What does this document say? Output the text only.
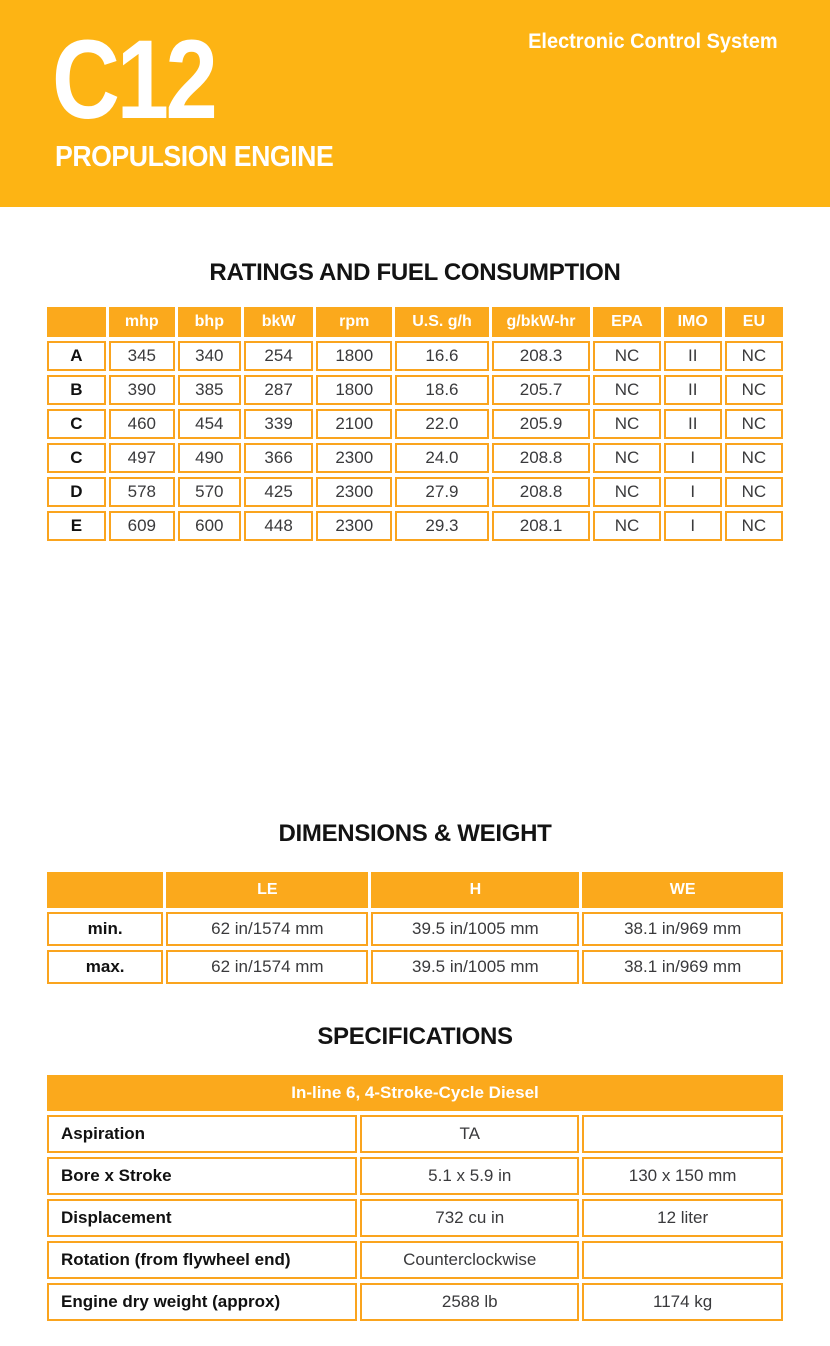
C12
PROPULSION ENGINE
Electronic Control System
RATINGS AND FUEL CONSUMPTION
	mhp	bhp	bkW	rpm	U.S. g/h	g/bkW-hr	EPA	IMO	EU
A	345	340	254	1800	16.6	208.3	NC	II	NC
B	390	385	287	1800	18.6	205.7	NC	II	NC
C	460	454	339	2100	22.0	205.9	NC	II	NC
C	497	490	366	2300	24.0	208.8	NC	I	NC
D	578	570	425	2300	27.9	208.8	NC	I	NC
E	609	600	448	2300	29.3	208.1	NC	I	NC
DIMENSIONS & WEIGHT
	LE	H	WE
min.	62 in/1574 mm	39.5 in/1005 mm	38.1 in/969 mm
max.	62 in/1574 mm	39.5 in/1005 mm	38.1 in/969 mm
SPECIFICATIONS
In-line 6, 4-Stroke-Cycle Diesel		
Aspiration	TA	
Bore x Stroke	5.1 x 5.9 in	130 x 150 mm
Displacement	732 cu in	12 liter
Rotation (from flywheel end)	Counterclockwise	
Engine dry weight (approx)	2588 lb	1174 kg
